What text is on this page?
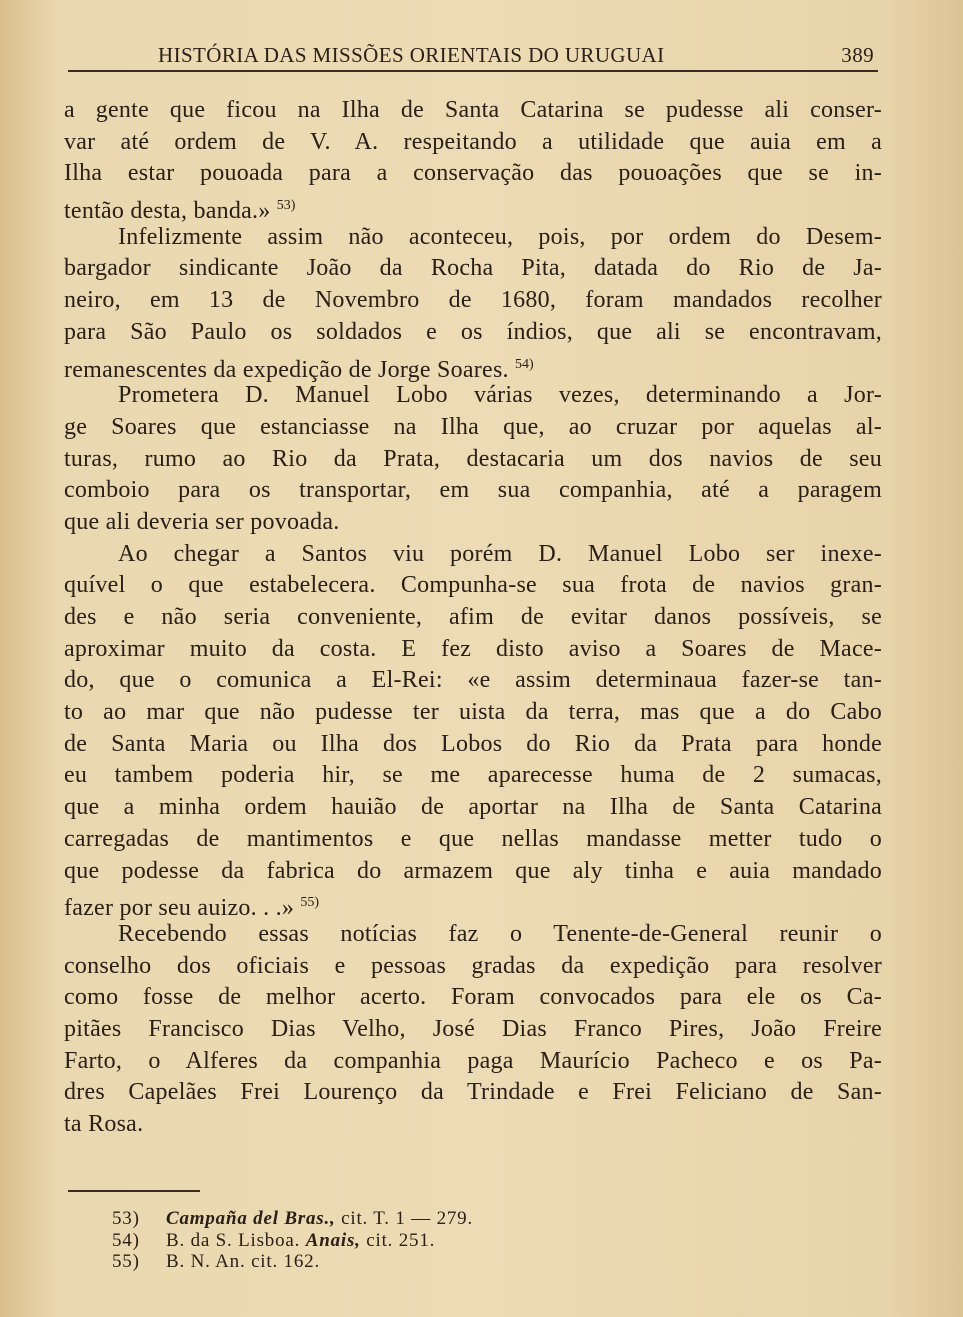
HISTÓRIA DAS MISSÕES ORIENTAIS DO URUGUAI	389
a gente que ficou na Ilha de Santa Catarina se pudesse ali conser-
var até ordem de V. A. respeitando a utilidade que auia em a
Ilha estar pouoada para a conservação das pouoações que se in-
tentão desta, banda.» $^{53)}$
Infelizmente assim não aconteceu, pois, por ordem do Desem-
bargador sindicante João da Rocha Pita, datada do Rio de Ja-
neiro, em 13 de Novembro de 1680, foram mandados recolher
para São Paulo os soldados e os índios, que ali se encontravam,
remanescentes da expedição de Jorge Soares. $^{54)}$
Prometera D. Manuel Lobo várias vezes, determinando a Jor-
ge Soares que estanciasse na Ilha que, ao cruzar por aquelas al-
turas, rumo ao Rio da Prata, destacaria um dos navios de seu
comboio para os transportar, em sua companhia, até a paragem
que ali deveria ser povoada.
Ao chegar a Santos viu porém D. Manuel Lobo ser inexe-
quível o que estabelecera. Compunha-se sua frota de navios gran-
des e não seria conveniente, afim de evitar danos possíveis, se
aproximar muito da costa. E fez disto aviso a Soares de Mace-
do, que o comunica a El-Rei: «e assim determinaua fazer-se tan-
to ao mar que não pudesse ter uista da terra, mas que a do Cabo
de Santa Maria ou Ilha dos Lobos do Rio da Prata para honde
eu tambem poderia hir, se me aparecesse huma de 2 sumacas,
que a minha ordem hauião de aportar na Ilha de Santa Catarina
carregadas de mantimentos e que nellas mandasse metter tudo o
que podesse da fabrica do armazem que aly tinha e auia mandado
fazer por seu auizo. . .» $^{55)}$
Recebendo essas notícias faz o Tenente-de-General reunir o
conselho dos oficiais e pessoas gradas da expedição para resolver
como fosse de melhor acerto. Foram convocados para ele os Ca-
pitães Francisco Dias Velho, José Dias Franco Pires, João Freire
Farto, o Alferes da companhia paga Maurício Pacheco e os Pa-
dres Capelães Frei Lourenço da Trindade e Frei Feliciano de San-
ta Rosa.
53) Campaña del Bras., cit. T. 1 — 279.
54) B. da S. Lisboa. Anais, cit. 251.
55) B. N. An. cit. 162.
